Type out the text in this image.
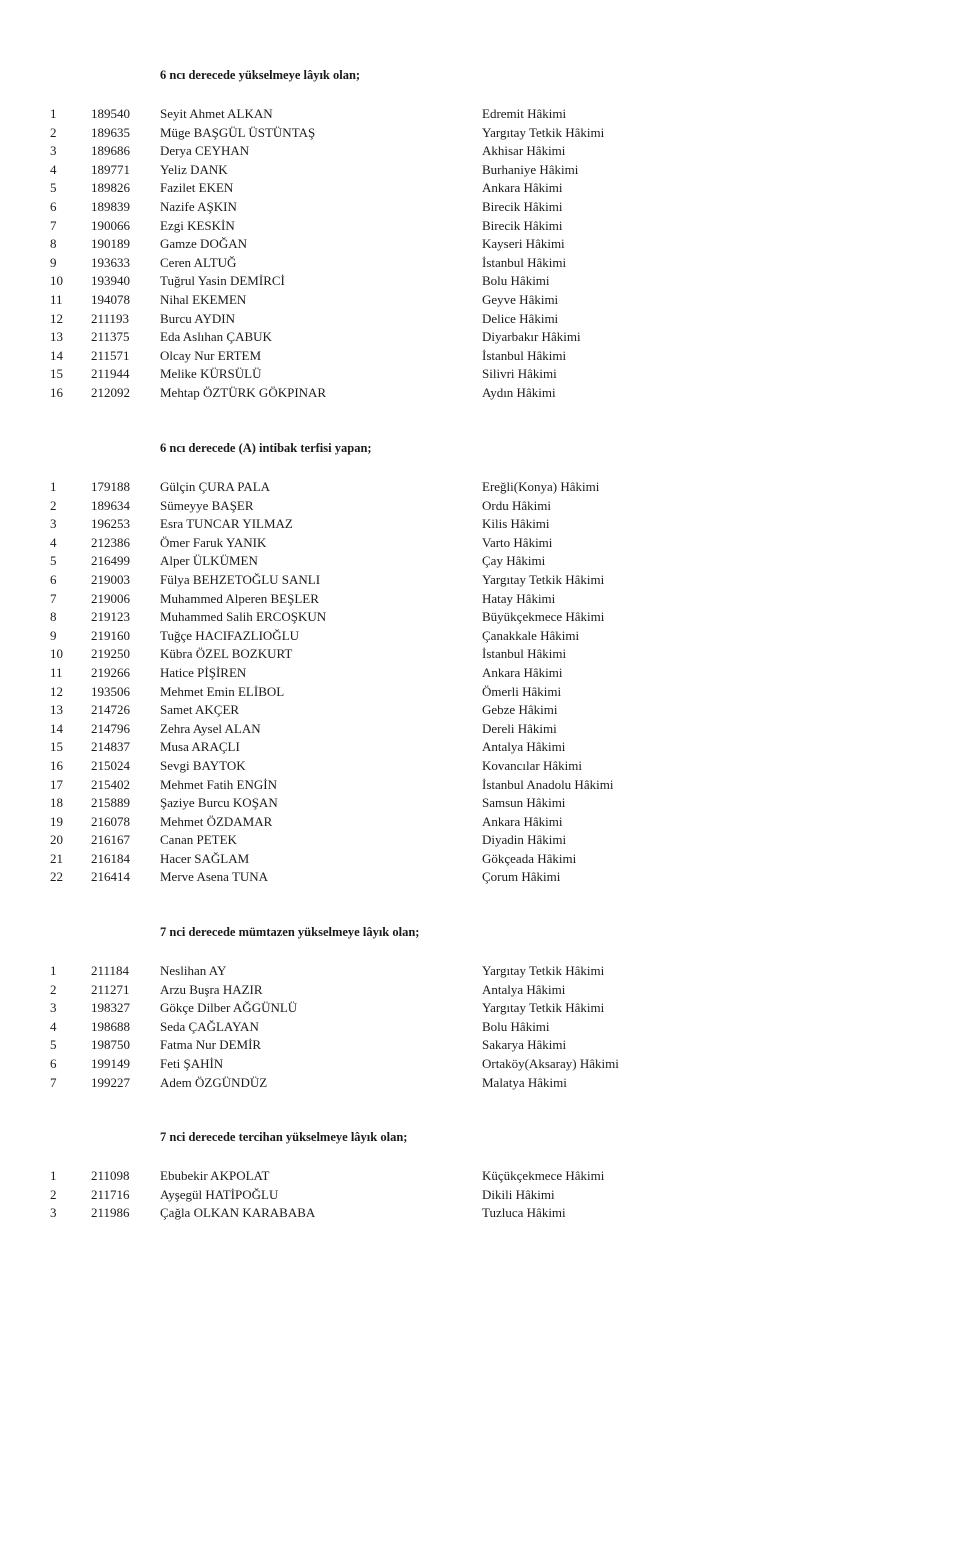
6 ncı derecede yükselmeye lâyık olan;
1	189540 Seyit Ahmet ALKAN	Edremit Hâkimi
2	189635 Müge BAŞGÜL ÜSTÜNTAŞ	Yargıtay Tetkik Hâkimi
3	189686 Derya CEYHAN	Akhisar Hâkimi
4	189771 Yeliz DANK	Burhaniye Hâkimi
5	189826 Fazilet EKEN	Ankara Hâkimi
6	189839 Nazife AŞKIN	Birecik Hâkimi
7	190066 Ezgi KESKİN	Birecik Hâkimi
8	190189 Gamze DOĞAN	Kayseri Hâkimi
9	193633 Ceren ALTUĞ	İstanbul Hâkimi
10 193940 Tuğrul Yasin DEMİRCİ	Bolu Hâkimi
11 194078 Nihal EKEMEN	Geyve Hâkimi
12 211193 Burcu AYDIN	Delice Hâkimi
13 211375 Eda Aslıhan ÇABUK	Diyarbakır Hâkimi
14 211571 Olcay Nur ERTEM	İstanbul Hâkimi
15 211944 Melike KÜRSÜLÜ	Silivri Hâkimi
16 212092 Mehtap ÖZTÜRK GÖKPINAR	Aydın Hâkimi
6 ncı derecede (A) intibak terfisi yapan;
1	179188 Gülçin ÇURA PALA	Ereğli(Konya) Hâkimi
2	189634 Sümeyye BAŞER	Ordu Hâkimi
3	196253 Esra TUNCAR YILMAZ	Kilis Hâkimi
4	212386 Ömer Faruk YANIK	Varto Hâkimi
5	216499 Alper ÜLKÜMEN	Çay Hâkimi
6	219003 Fülya BEHZETOĞLU SANLI	Yargıtay Tetkik Hâkimi
7	219006 Muhammed Alperen BEŞLER	Hatay Hâkimi
8	219123 Muhammed Salih ERCOŞKUN	Büyükçekmece Hâkimi
9	219160 Tuğçe HACIFAZLIOĞLU	Çanakkale Hâkimi
10 219250 Kübra ÖZEL BOZKURT	İstanbul Hâkimi
11 219266 Hatice PİŞİREN	Ankara Hâkimi
12 193506 Mehmet Emin ELİBOL	Ömerli Hâkimi
13 214726 Samet AKÇER	Gebze Hâkimi
14 214796 Zehra Aysel ALAN	Dereli Hâkimi
15 214837 Musa ARAÇLI	Antalya Hâkimi
16 215024 Sevgi BAYTOK	Kovancılar Hâkimi
17 215402 Mehmet Fatih ENGİN	İstanbul Anadolu Hâkimi
18 215889 Şaziye Burcu KOŞAN	Samsun Hâkimi
19 216078 Mehmet ÖZDAMAR	Ankara Hâkimi
20 216167 Canan PETEK	Diyadin Hâkimi
21 216184 Hacer SAĞLAM	Gökçeada Hâkimi
22 216414 Merve Asena TUNA	Çorum Hâkimi
7 nci derecede mümtazen yükselmeye lâyık olan;
1	211184 Neslihan AY	Yargıtay Tetkik Hâkimi
2	211271 Arzu Buşra HAZIR	Antalya Hâkimi
3	198327 Gökçe Dilber AĞGÜNLÜ	Yargıtay Tetkik Hâkimi
4	198688 Seda ÇAĞLAYAN	Bolu Hâkimi
5	198750 Fatma Nur DEMİR	Sakarya Hâkimi
6	199149 Feti ŞAHİN	Ortaköy(Aksaray) Hâkimi
7	199227 Adem ÖZGÜNDÜZ	Malatya Hâkimi
7 nci derecede tercihan yükselmeye lâyık olan;
1	211098 Ebubekir AKPOLAT	Küçükçekmece Hâkimi
2	211716 Ayşegül HATİPOĞLU	Dikili Hâkimi
3	211986 Çağla OLKAN KARABABA	Tuzluca Hâkimi
